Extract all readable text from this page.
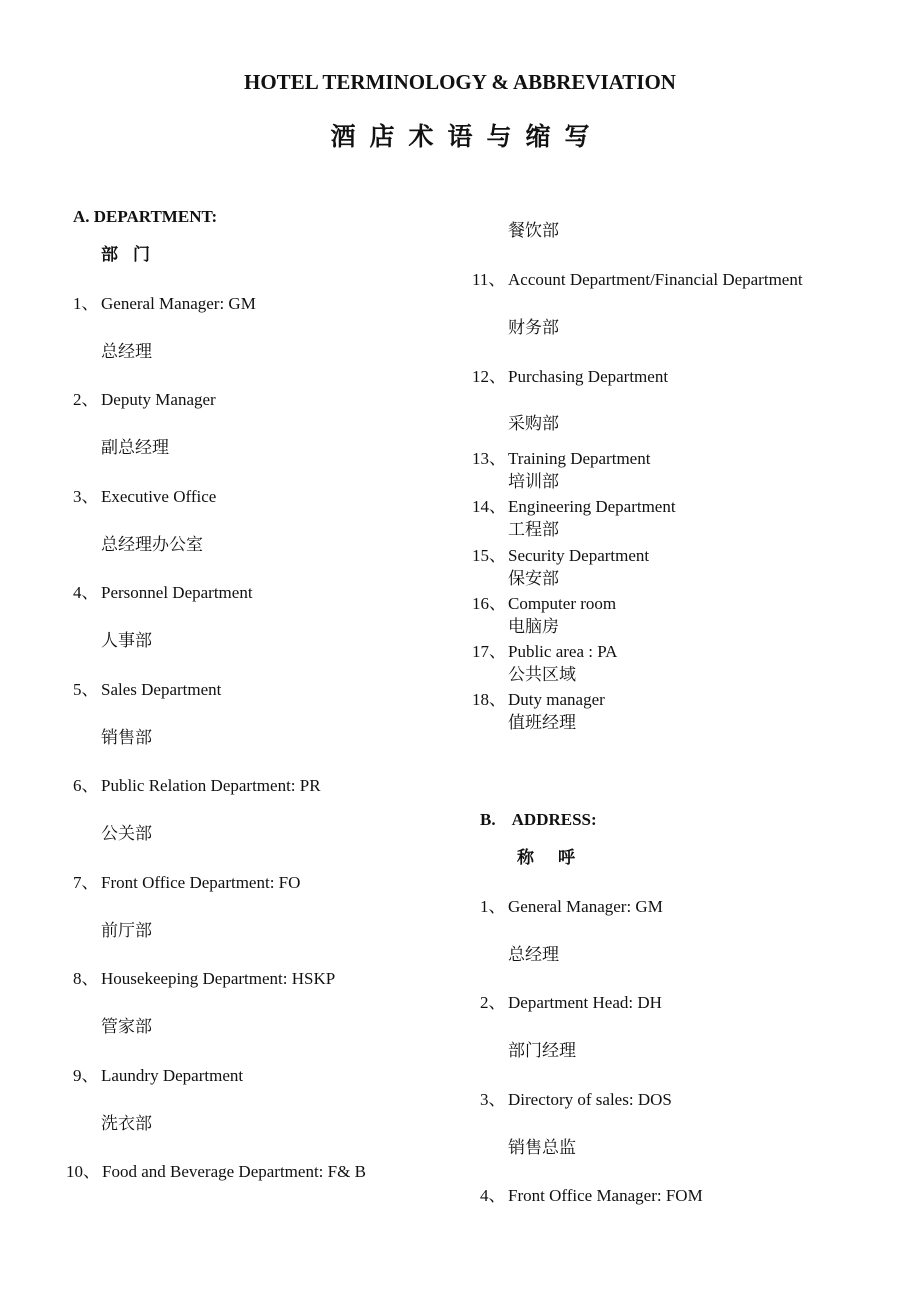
HOTEL TERMINOLOGY & ABBREVIATION
酒店术语与缩写
A. DEPARTMENT:
部门
1、 General Manager: GM
总经理
2、 Deputy Manager
副总经理
3、 Executive Office
总经理办公室
4、 Personnel Department
人事部
5、 Sales Department
销售部
6、 Public Relation Department: PR
公关部
7、 Front Office Department: FO
前厅部
8、 Housekeeping Department: HSKP
管家部
9、 Laundry Department
洗衣部
10、 Food and Beverage Department: F& B
餐饮部
11、 Account Department/Financial Department
财务部
12、 Purchasing Department
采购部
13、 Training Department
培训部
14、 Engineering Department
工程部
15、 Security Department
保安部
16、 Computer room
电脑房
17、 Public area : PA
公共区域
18、 Duty manager
值班经理
B.    ADDRESS:
称呼
1、 General Manager: GM
总经理
2、 Department Head: DH
部门经理
3、 Directory of sales: DOS
销售总监
4、 Front Office Manager: FOM
